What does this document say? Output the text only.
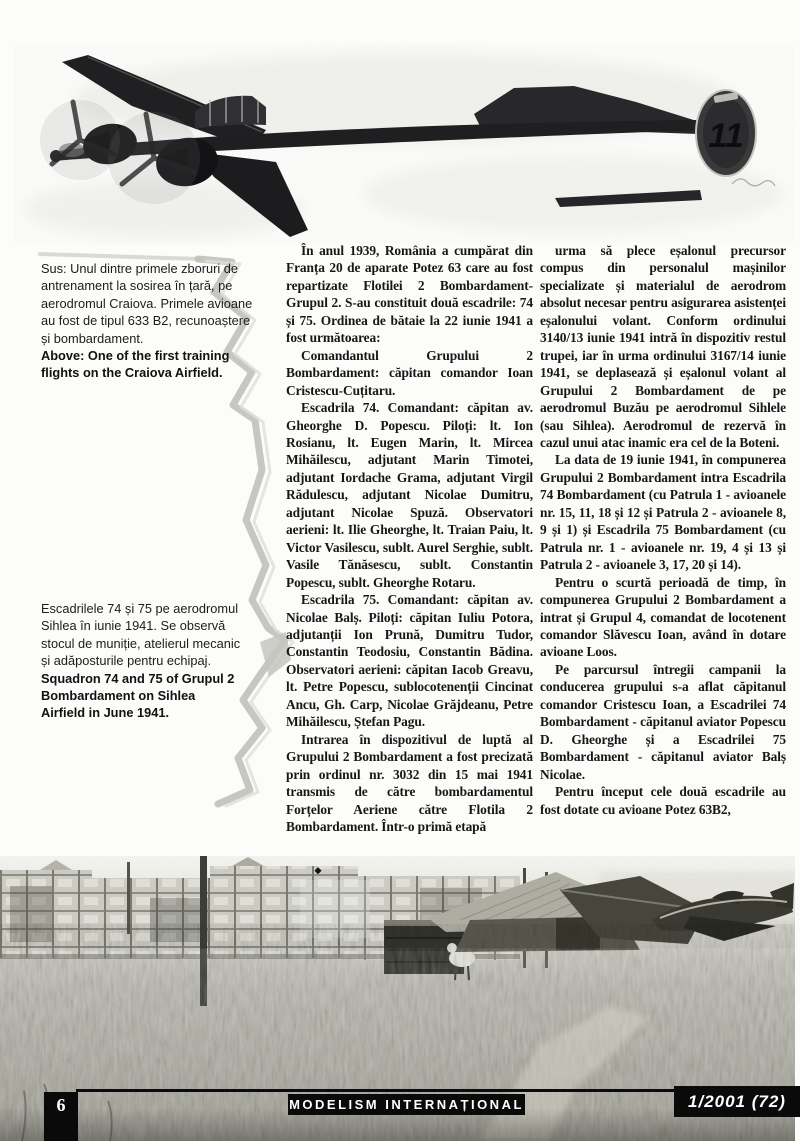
11
Sus: Unul dintre primele zboruri de antrenament la sosirea în țară, pe aerodromul Craiova. Primele avioane au fost de tipul 633 B2, recunoaștere și bombardament.
Above: One of the first training flights on the Craiova Airfield.
Escadrilele 74 și 75 pe aerodromul Sihlea în iunie 1941. Se observă stocul de muniție, atelierul mecanic și adăposturile pentru echipaj.
Squadron 74 and 75 of Grupul 2 Bombardament on Sihlea Airfield in June 1941.

În anul 1939, România a cumpărat din Franța 20 de aparate Potez 63 care au fost repartizate Flotilei 2 Bombardament-Grupul 2. S-au constituit două escadrile: 74 și 75. Ordinea de bătaie la 22 iunie 1941 a fost următoarea:

Comandantul Grupului 2 Bombardament: căpitan comandor Ioan Cristescu-Cuțitaru.

Escadrila 74. Comandant: căpitan av. Gheorghe D. Popescu. Piloți: lt. Ion Rosianu, lt. Eugen Marin, lt. Mircea Mihăilescu, adjutant Marin Timotei, adjutant Iordache Grama, adjutant Virgil Rădulescu, adjutant Nicolae Dumitru, adjutant Nicolae Spuză. Observatori aerieni: lt. Ilie Gheorghe, lt. Traian Paiu, lt. Victor Vasilescu, sublt. Aurel Serghie, sublt. Vasile Tănăsescu, sublt. Constantin Popescu, sublt. Gheorghe Rotaru.

Escadrila 75. Comandant: căpitan av. Nicolae Balș. Piloți: căpitan Iuliu Potora, adjutanții Ion Prună, Dumitru Tudor, Constantin Teodosiu, Constantin Bădina. Observatori aerieni: căpitan Iacob Greavu, lt. Petre Popescu, sublocotenenții Cincinat Ancu, Gh. Carp, Nicolae Grăjdeanu, Petre Mihăilescu, Ștefan Pagu.

Intrarea în dispozitivul de luptă al Grupului 2 Bombardament a fost precizată prin ordinul nr. 3032 din 15 mai 1941 transmis de către bombardamentul Forțelor Aeriene către Flotila 2 Bombardament. Într-o primă etapă

urma să plece eșalonul precursor compus din personalul mașinilor specializate și materialul de aerodrom absolut necesar pentru asigurarea asistenței eșalonului volant. Conform ordinului 3140/13 iunie 1941 intră în dispozitiv restul trupei, iar în urma ordinului 3167/14 iunie 1941, se deplasează și eșalonul volant al Grupului 2 Bombardament de pe aerodromul Buzău pe aerodromul Sihlele (sau Sihlea). Aerodromul de rezervă în cazul unui atac inamic era cel de la Boteni.

La data de 19 iunie 1941, în compunerea Grupului 2 Bombardament intra Escadrila 74 Bombardament (cu Patrula 1 - avioanele nr. 15, 11, 18 și 12 și Patrula 2 - avioanele 8, 9 și 1) și Escadrila 75 Bombardament (cu Patrula nr. 1 - avioanele nr. 19, 4 și 13 și Patrula 2 - avioanele 3, 17, 20 și 14).

Pentru o scurtă perioadă de timp, în compunerea Grupului 2 Bombardament a intrat și Grupul 4, comandat de locotenent comandor Slăvescu Ioan, având în dotare avioane Loos.

Pe parcursul întregii campanii la conducerea grupului s-a aflat căpitanul comandor Cristescu Ioan, a Escadrilei 74 Bombardament - căpitanul aviator Popescu D. Gheorghe și a Escadrilei 75 Bombardament - căpitanul aviator Balș Nicolae.

Pentru început cele două escadrile au fost dotate cu avioane Potez 63B2,

6	MODELISM INTERNAȚIONAL	1/2001 (72)
